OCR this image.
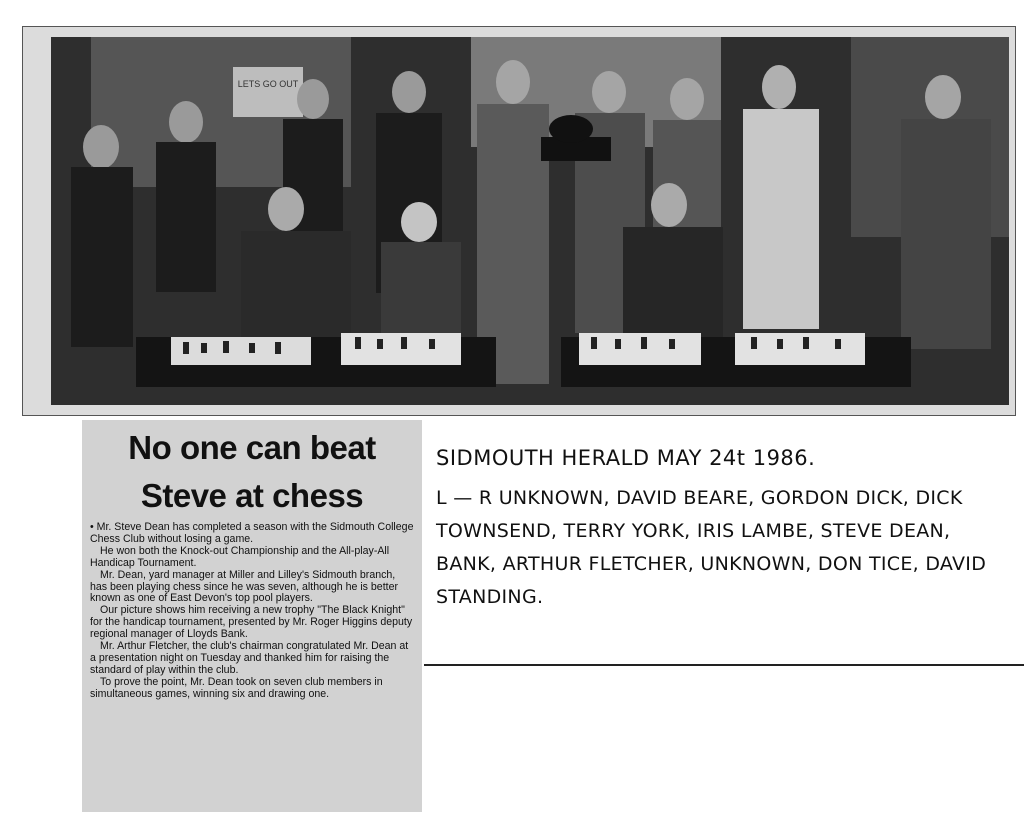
LETS GO OUT
No one can beat
Steve at chess

• Mr. Steve Dean has completed a season with the Sidmouth College Chess Club without losing a game.

He won both the Knock-out Championship and the All-play-All Handicap Tournament.

Mr. Dean, yard manager at Miller and Lilley's Sidmouth branch, has been playing chess since he was seven, although he is better known as one of East Devon's top pool players.

Our picture shows him receiving a new trophy "The Black Knight" for the handicap tournament, presented by Mr. Roger Higgins deputy regional manager of Lloyds Bank.

Mr. Arthur Fletcher, the club's chairman congratulated Mr. Dean at a presentation night on Tuesday and thanked him for raising the standard of play within the club.

To prove the point, Mr. Dean took on seven club members in simultaneous games, winning six and drawing one.

SIDMOUTH HERALD MAY 24t 1986.
L — R UNKNOWN, DAVID BEARE, GORDON DICK, DICK TOWNSEND, TERRY YORK, IRIS LAMBE, STEVE DEAN, BANK, ARTHUR FLETCHER, UNKNOWN, DON TICE, DAVID STANDING.
